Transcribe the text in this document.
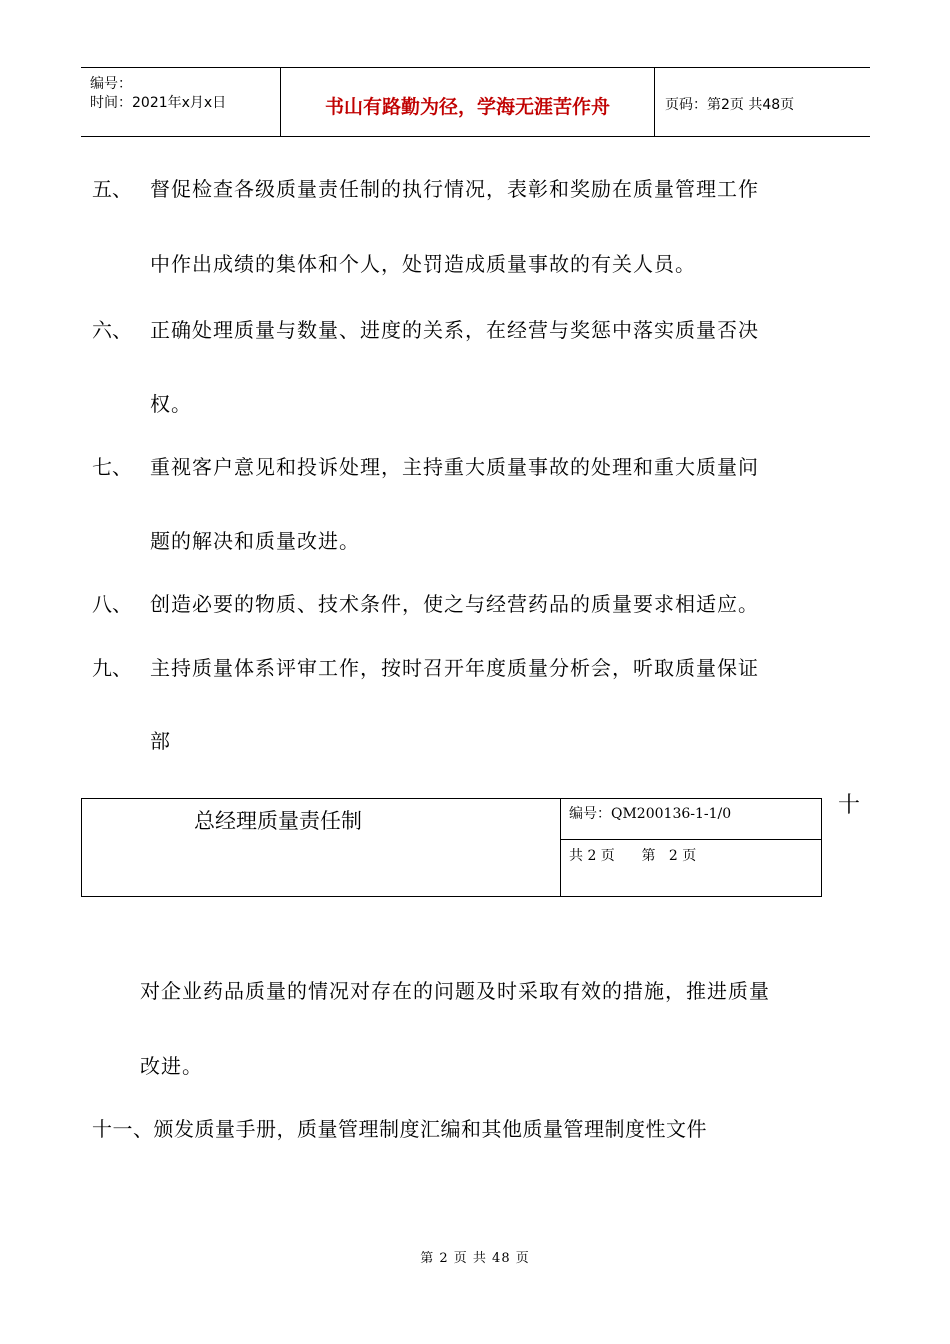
编号：
时间：2021年x月x日	书山有路勤为径，学海无涯苦作舟	页码：第2页 共48页
五、 督促检查各级质量责任制的执行情况，表彰和奖励在质量管理工作
中作出成绩的集体和个人，处罚造成质量事故的有关人员。
六、 正确处理质量与数量、进度的关系，在经营与奖惩中落实质量否决
权。
七、 重视客户意见和投诉处理，主持重大质量事故的处理和重大质量问
题的解决和质量改进。
八、 创造必要的物质、技术条件，使之与经营药品的质量要求相适应。
九、 主持质量体系评审工作，按时召开年度质量分析会，听取质量保证
部
总经理质量责任制	编号：QM200136-1-1/0
共 2 页      第   2 页
十
对企业药品质量的情况对存在的问题及时采取有效的措施，推进质量
改进。
十一、颁发质量手册，质量管理制度汇编和其他质量管理制度性文件
第 2 页 共 48 页
